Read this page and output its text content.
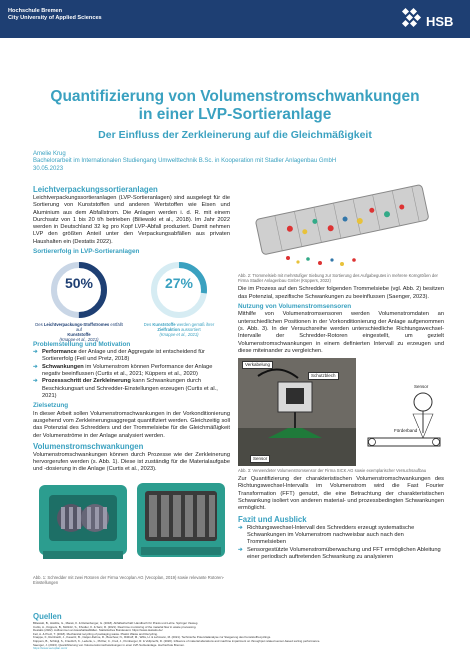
Hochschule Bremen
City University of Applied Sciences	HSB
Quantifizierung von Volumenstromschwankungen
in einer LVP-Sortieranlage
Der Einfluss der Zerkleinerung auf die Gleichmäßigkeit
Amelie Krug
Bachelorarbeit im Internationalen Studiengang Umwelttechnik B.Sc. in Kooperation mit Stadler Anlagenbau GmbH
30.05.2023
Leichtverpackungssortieranlagen

Leichtverpackungssortieranlagen (LVP-Sortieranlagen) sind ausgelegt für die Sortierung von Kunststoffen und anderen Wertstoffen wie Eisen und Aluminium aus dem Abfallstrom. Die Anlagen werden i. d. R. mit einem Durchsatz von 1 bis 20 t/h betrieben (Biliewski et al., 2018). Im Jahr 2022 werden in Deutschland 32 kg pro Kopf LVP-Abfall produziert. Damit nehmen LVP den größten Anteil unter den Verpackungsabfällen aus privaten Haushalten ein (Destatis 2022).

Sortiererfolg in LVP-Sortieranlagen
50%
Des Leichtverpackungs-Stoffstromes entfällt auf
Kunststoffe
(Knappe et al., 2021)
27%
Des Kunststoffe werden gemäß ihrer Zielfraktion aussortiert
(Knappe et al., 2021)
Problemstellung und Motivation
➔ Performance der Anlage und der Aggregate ist entscheidend für Sortiererfolg (Feil und Pretz, 2018)
➔ Schwankungen im Volumenstrom können Performance der Anlage negativ beeinflussen (Curtis et al., 2021; Küppers et al., 2020)
➔ Prozessschritt der Zerkleinerung kann Schwankungen durch Beschickungsart und Schredder-Einstellungen erzeugen (Curtis et al., 2021)
Zielsetzung

In dieser Arbeit sollen Volumenstromschwankungen in der Vorkonditionierung ausgehend vom Zerkleinerungsaggregat quantifiziert werden. Gleichzeitig soll das Potenzial des Schredders und der Trommelsiebe für die Gleichmäßigkeit der Volumenströme in der Anlage analysiert werden.

Volumenstromschwankungen

Volumenstromschwankungen können durch Prozesse wie der Zerkleinerung hervorgerufen werden (s. Abb. 1). Diese ist zuständig für die Materialaufgabe und -dosierung in die Anlage (Curtis et al., 2023).

Abb. 1: Schredder mit zwei Rotoren der Firma Vecoplan AG (Vecoplan, 2019) sowie relevante Rotoren-Einstellungen
Abb. 2: Trommelsieb mit mehrstufiger Siebung zur Sortierung des Aufgabegutes in mehrere Korngrößen der Firma Stadler Anlagenbau GmbH (Küppers, 2022)

Die im Prozess auf den Schredder folgenden Trommelsiebe (vgl. Abb. 2) besitzen das Potenzial, spezifische Schwankungen zu beeinflussen (Saenger, 2023).

Nutzung von Volumenstromsensoren

Mithilfe von Volumenstromsensoren werden Volumenstromdaten an unterschiedlichen Positionen in der Vorkonditionierung der Anlage aufgenommen (s. Abb. 3). In der Versuchsreihe werden unterschiedliche Richtungswechsel-Intervalle der Schredder-Rotoren eingestellt, um gezielt Volumenstromschwankungen in einem definierten Intervall zu erzeugen und diese miteinander zu vergleichen.

Verkabelung
Schutzblech
Sensor
Sensor
Förderband
Abb. 3: Verwendeter Volumenstromsensor der Firma SICK AG sowie exemplarischer Versuchsaufbau

Zur Quantifizierung der charakteristischen Volumenstromschwankungen des Richtungswechsel-Intervalls im Volumenstrom wird die Fast Fourier Transformation (FFT) genutzt, die eine Betrachtung der charakteristischen Schwankung isoliert von anderen material- und prozessbedingten Schwankungen ermöglicht.

Fazit und Ausblick
➔ Richtungswechsel-Intervall des Schredders erzeugt systematische Schwankungen im Volumenstrom nachweisbar auch nach den Trommelsieben
➔ Sensorgestützte Volumenstromüberwachung und FFT ermöglichen Ableitung einer periodisch auftretenden Schwankung zu analysieren
Quellen

Biliewski, B., Härdtle, G., Marek, K. & Rettenberger, G. (2018). Abfallwirtschaft: Handbuch für Praxis und Lehre. Springer Vieweg.

Curtis, A., Küppers, B., Möllnitz, S., Khodier, K. & Sarc, R. (2021). Real time monitoring of the material flow in waste processing.

Destatis (2022). Aufkommen an Haushaltsabfällen. Statistisches Bundesamt. https://www.destatis.de/

Feil, A. & Pretz, T. (2018). Mechanical recycling of packaging waste. Plastic Waste and Recycling.

Knappe, F., Reinhardt, J., Kauertz, B., Oetjen-Dehne, R., Buschow, N., Ritthoff, M., Wilts, H. & Lehmann, M. (2021). Technische Potenzialanalyse zur Steigerung des Kunststoffrecyclings.

Küppers, B., Schlögl, S., Friedrich, K., Lederle, L., Pichler, C., Freil, J., Pomberger, R. & Vollprecht, D. (2020). Influence of material alterations and machine impairment on throughput related sensor-based sorting performance.

Saenger, J. (2023). Quantifizierung von Volumenstromschwankungen in einer LVP-Sortieranlage. Hochschule Bremen.

https://www.vecoplan.com/
